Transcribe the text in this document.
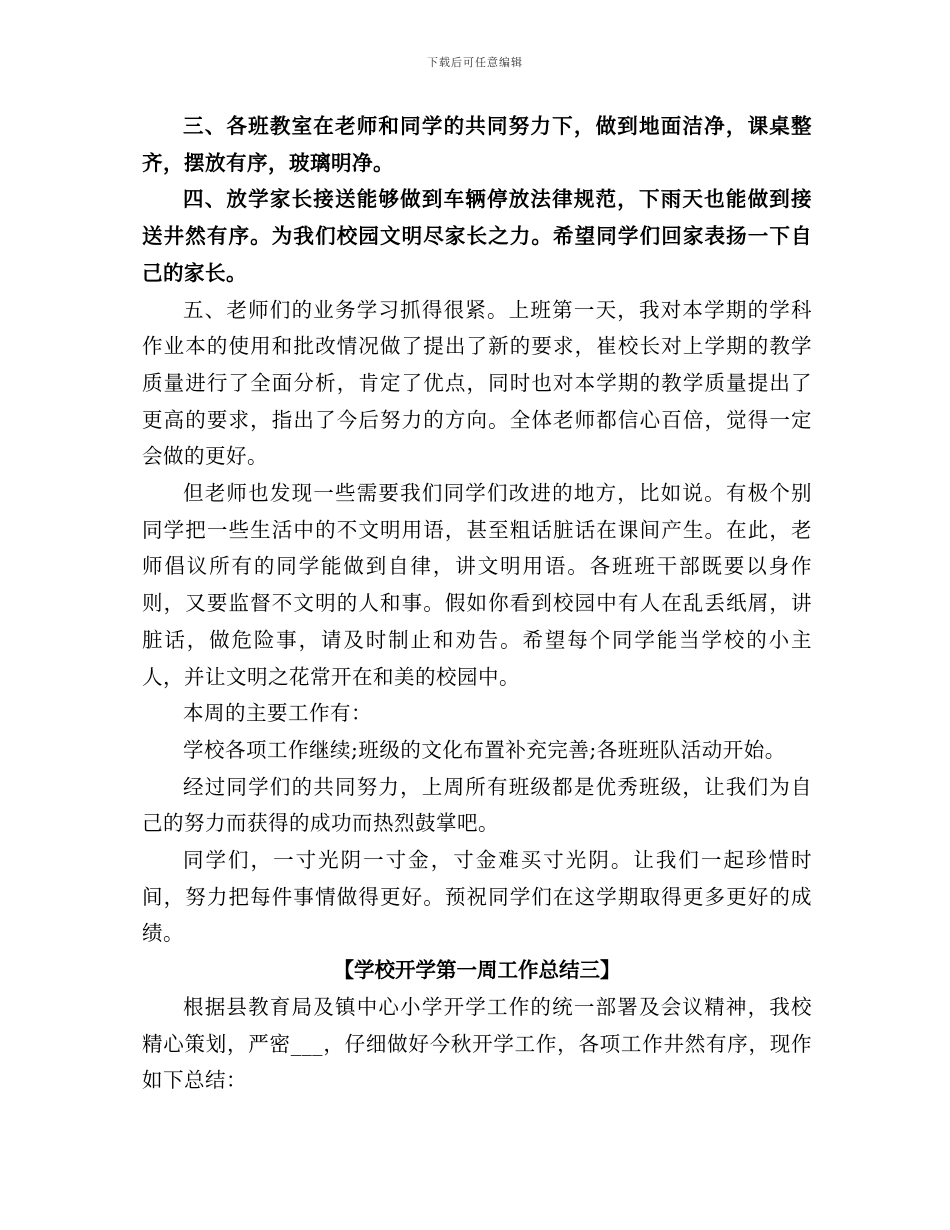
下载后可任意编辑

三、各班教室在老师和同学的共同努力下，做到地面洁净，课桌整齐，摆放有序，玻璃明净。

四、放学家长接送能够做到车辆停放法律规范，下雨天也能做到接送井然有序。为我们校园文明尽家长之力。希望同学们回家表扬一下自己的家长。

五、老师们的业务学习抓得很紧。上班第一天，我对本学期的学科作业本的使用和批改情况做了提出了新的要求，崔校长对上学期的教学质量进行了全面分析，肯定了优点，同时也对本学期的教学质量提出了更高的要求，指出了今后努力的方向。全体老师都信心百倍，觉得一定会做的更好。

但老师也发现一些需要我们同学们改进的地方，比如说。有极个别同学把一些生活中的不文明用语，甚至粗话脏话在课间产生。在此，老师倡议所有的同学能做到自律，讲文明用语。各班班干部既要以身作则，又要监督不文明的人和事。假如你看到校园中有人在乱丢纸屑，讲脏话，做危险事，请及时制止和劝告。希望每个同学能当学校的小主人，并让文明之花常开在和美的校园中。

本周的主要工作有：

学校各项工作继续;班级的文化布置补充完善;各班班队活动开始。

经过同学们的共同努力，上周所有班级都是优秀班级，让我们为自己的努力而获得的成功而热烈鼓掌吧。

同学们，一寸光阴一寸金，寸金难买寸光阴。让我们一起珍惜时间，努力把每件事情做得更好。预祝同学们在这学期取得更多更好的成绩。

【学校开学第一周工作总结三】

根据县教育局及镇中心小学开学工作的统一部署及会议精神，我校精心策划，严密___，仔细做好今秋开学工作，各项工作井然有序，现作如下总结：
